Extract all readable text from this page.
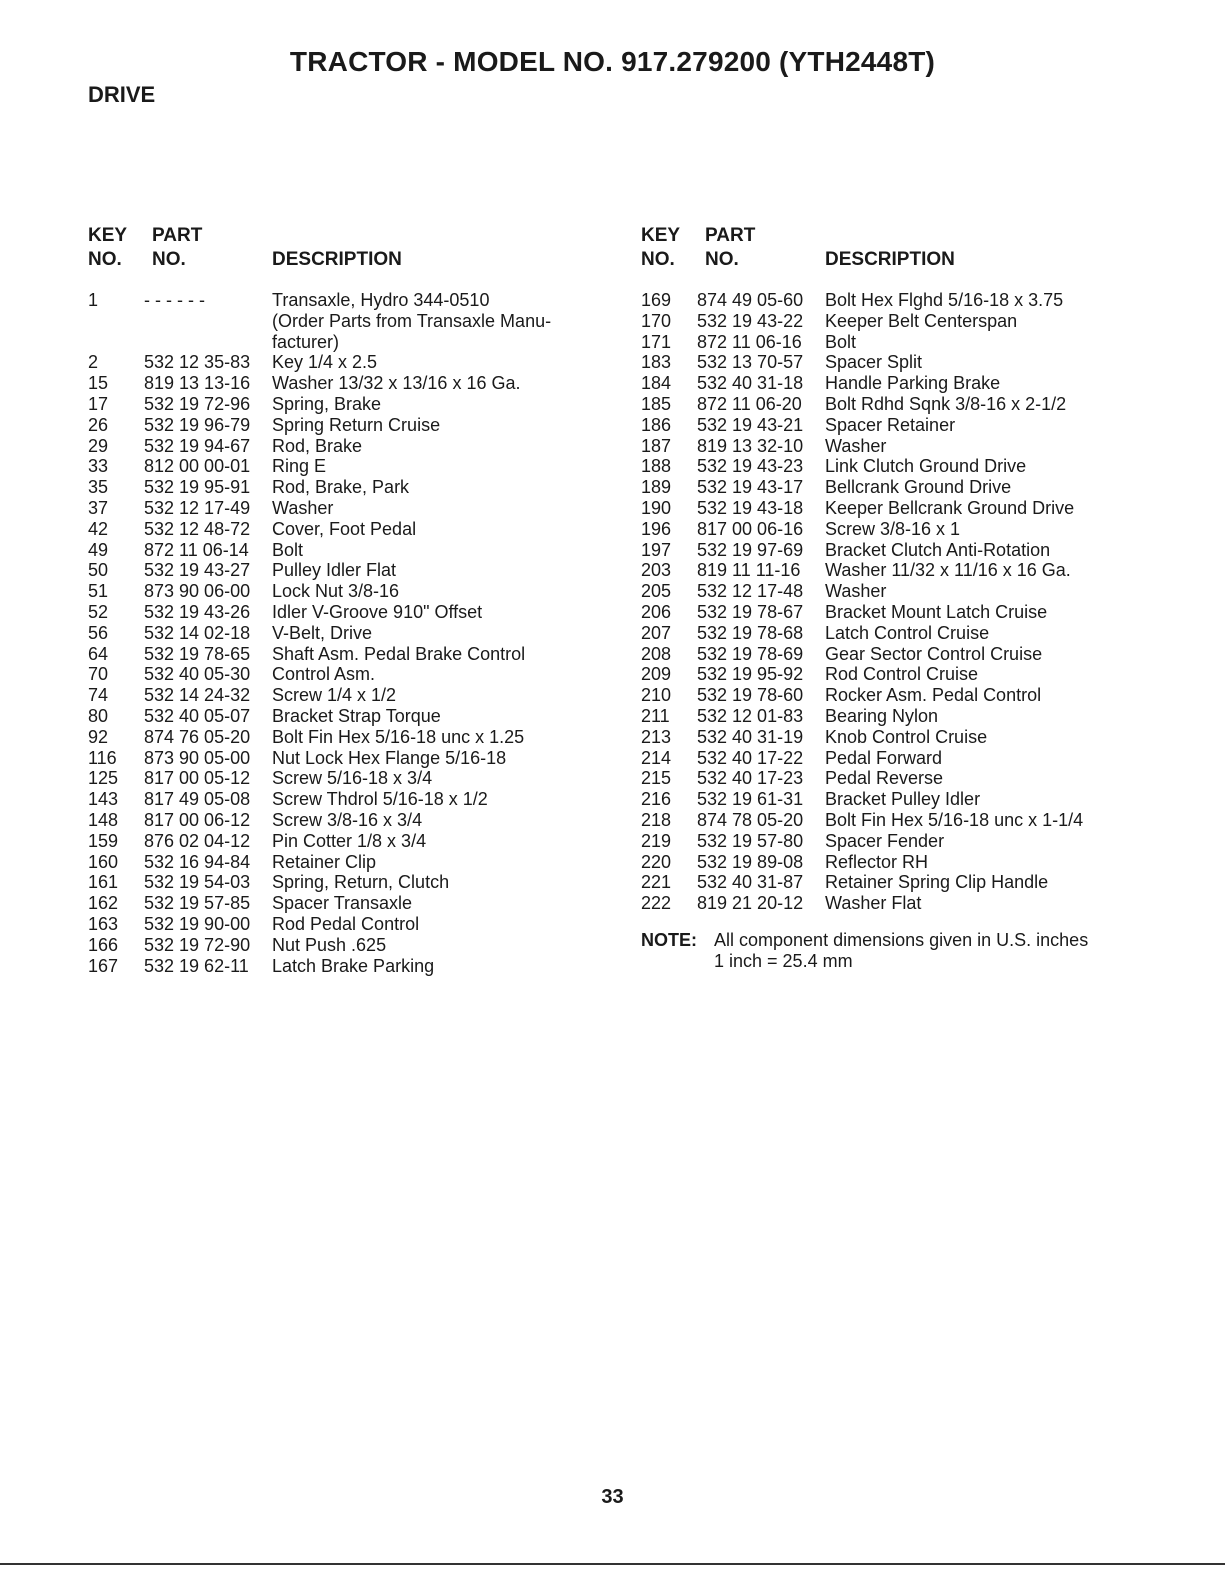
TRACTOR - MODEL NO. 917.279200 (YTH2448T)
DRIVE
KEY
NO.
PART
NO.	DESCRIPTION
1	- - - - - -	Transaxle, Hydro 344-0510
(Order Parts from Transaxle Manu-
facturer)
2	532 12 35-83 Key 1/4 x 2.5
15 819 13 13-16 Washer 13/32 x 13/16 x 16 Ga.
17 532 19 72-96 Spring, Brake
26 532 19 96-79 Spring Return Cruise
29 532 19 94-67 Rod, Brake
33 812 00 00-01 Ring E
35 532 19 95-91 Rod, Brake, Park
37 532 12 17-49 Washer
42 532 12 48-72 Cover, Foot Pedal
49 872 11 06-14 Bolt
50 532 19 43-27 Pulley Idler Flat
51 873 90 06-00 Lock Nut 3/8-16
52 532 19 43-26 Idler V-Groove 910" Offset
56 532 14 02-18 V-Belt, Drive
64 532 19 78-65 Shaft Asm. Pedal Brake Control
70 532 40 05-30 Control Asm.
74 532 14 24-32 Screw 1/4 x 1/2
80 532 40 05-07 Bracket Strap Torque
92 874 76 05-20 Bolt Fin Hex 5/16-18 unc x 1.25
116 873 90 05-00 Nut Lock Hex Flange 5/16-18
125 817 00 05-12 Screw 5/16-18 x 3/4
143 817 49 05-08 Screw Thdrol 5/16-18 x 1/2
148 817 00 06-12 Screw 3/8-16 x 3/4
159 876 02 04-12 Pin Cotter 1/8 x 3/4
160 532 16 94-84 Retainer Clip
161 532 19 54-03 Spring, Return, Clutch
162 532 19 57-85 Spacer Transaxle
163 532 19 90-00 Rod Pedal Control
166 532 19 72-90 Nut Push .625
167 532 19 62-11 Latch Brake Parking
KEY
NO.
PART
NO.	DESCRIPTION
169 874 49 05-60 Bolt Hex Flghd 5/16-18 x 3.75
170 532 19 43-22 Keeper Belt Centerspan
171 872 11 06-16 Bolt
183 532 13 70-57 Spacer Split
184 532 40 31-18 Handle Parking Brake
185 872 11 06-20 Bolt Rdhd Sqnk 3/8-16 x 2-1/2
186 532 19 43-21 Spacer Retainer
187 819 13 32-10 Washer
188 532 19 43-23 Link Clutch Ground Drive
189 532 19 43-17 Bellcrank Ground Drive
190 532 19 43-18 Keeper Bellcrank Ground Drive
196 817 00 06-16 Screw 3/8-16 x 1
197 532 19 97-69 Bracket Clutch Anti-Rotation
203 819 11 11-16 Washer 11/32 x 11/16 x 16 Ga.
205 532 12 17-48 Washer
206 532 19 78-67 Bracket Mount Latch Cruise
207 532 19 78-68 Latch Control Cruise
208 532 19 78-69 Gear Sector Control Cruise
209 532 19 95-92 Rod Control Cruise
210 532 19 78-60 Rocker Asm. Pedal Control
211 532 12 01-83 Bearing Nylon
213 532 40 31-19 Knob Control Cruise
214 532 40 17-22 Pedal Forward
215 532 40 17-23 Pedal Reverse
216 532 19 61-31 Bracket Pulley Idler
218 874 78 05-20 Bolt Fin Hex 5/16-18 unc x 1-1/4
219 532 19 57-80 Spacer Fender
220 532 19 89-08 Reflector RH
221 532 40 31-87 Retainer Spring Clip Handle
222 819 21 20-12 Washer Flat
NOTE: All component dimensions given in U.S. inches
1 inch = 25.4 mm
33
